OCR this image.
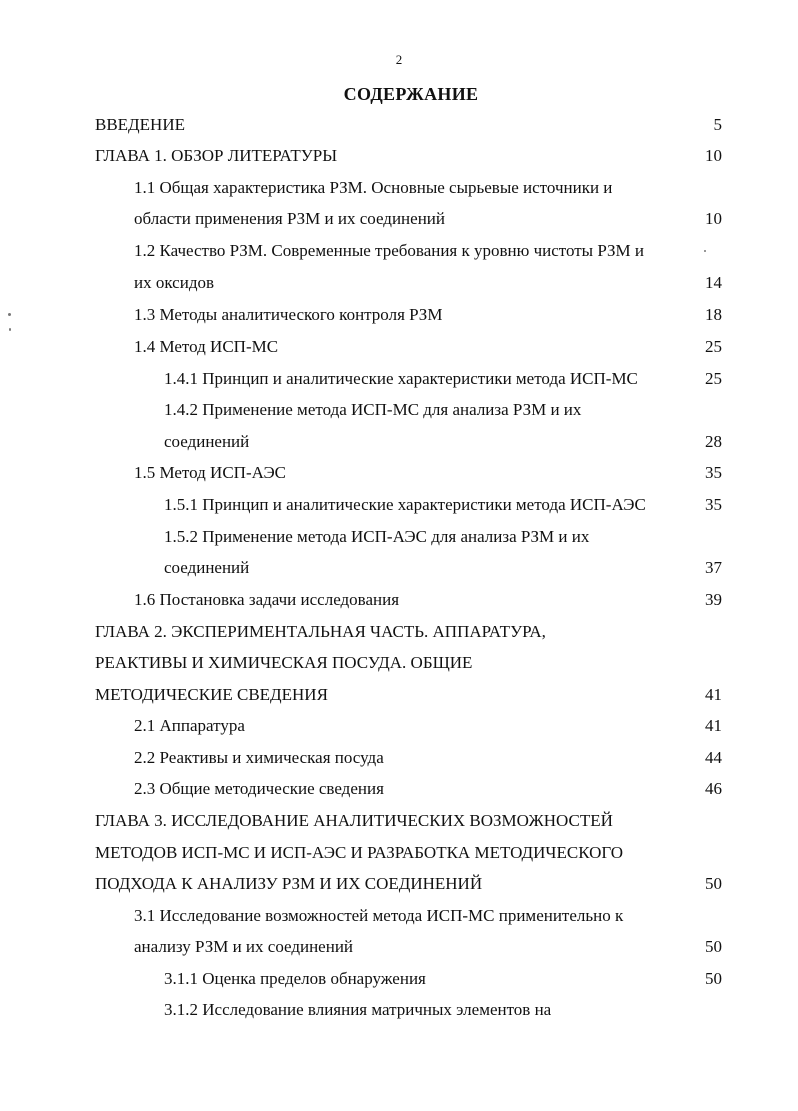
2
СОДЕРЖАНИЕ
ВВЕДЕНИЕ	5
ГЛАВА 1. ОБЗОР ЛИТЕРАТУРЫ	10
1.1 Общая характеристика РЗМ. Основные сырьевые источники и
области применения РЗМ и их соединений	10
1.2 Качество РЗМ. Современные требования к уровню чистоты РЗМ и
их оксидов	14
1.3 Методы аналитического контроля РЗМ	18
1.4 Метод ИСП-МС	25
1.4.1 Принцип и аналитические характеристики метода ИСП-МС	25
1.4.2 Применение метода ИСП-МС для анализа РЗМ и их
соединений	28
1.5 Метод ИСП-АЭС	35
1.5.1 Принцип и аналитические характеристики метода ИСП-АЭС	35
1.5.2 Применение метода ИСП-АЭС для анализа РЗМ и их
соединений	37
1.6 Постановка задачи исследования	39
ГЛАВА 2. ЭКСПЕРИМЕНТАЛЬНАЯ ЧАСТЬ. АППАРАТУРА,
РЕАКТИВЫ И ХИМИЧЕСКАЯ ПОСУДА. ОБЩИЕ
МЕТОДИЧЕСКИЕ СВЕДЕНИЯ	41
2.1 Аппаратура	41
2.2 Реактивы и химическая посуда	44
2.3 Общие методические сведения	46
ГЛАВА 3. ИССЛЕДОВАНИЕ АНАЛИТИЧЕСКИХ ВОЗМОЖНОСТЕЙ
МЕТОДОВ ИСП-МС И ИСП-АЭС И РАЗРАБОТКА МЕТОДИЧЕСКОГО
ПОДХОДА К АНАЛИЗУ РЗМ И ИХ СОЕДИНЕНИЙ	50
3.1 Исследование возможностей метода ИСП-МС применительно к
анализу РЗМ и их соединений	50
3.1.1 Оценка пределов обнаружения	50
3.1.2 Исследование влияния матричных элементов на
